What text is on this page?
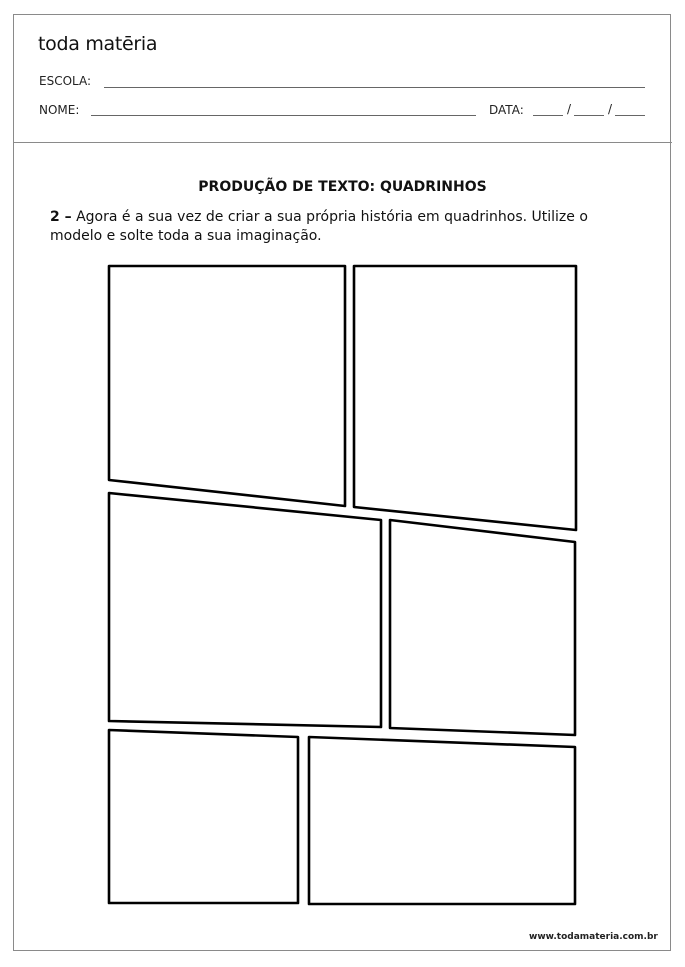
toda matēria
ESCOLA:
NOME:	DATA:	/	/
PRODUÇÃO DE TEXTO: QUADRINHOS
2 – Agora é a sua vez de criar a sua própria história em quadrinhos. Utilize o modelo e solte toda a sua imaginação.
www.todamateria.com.br
